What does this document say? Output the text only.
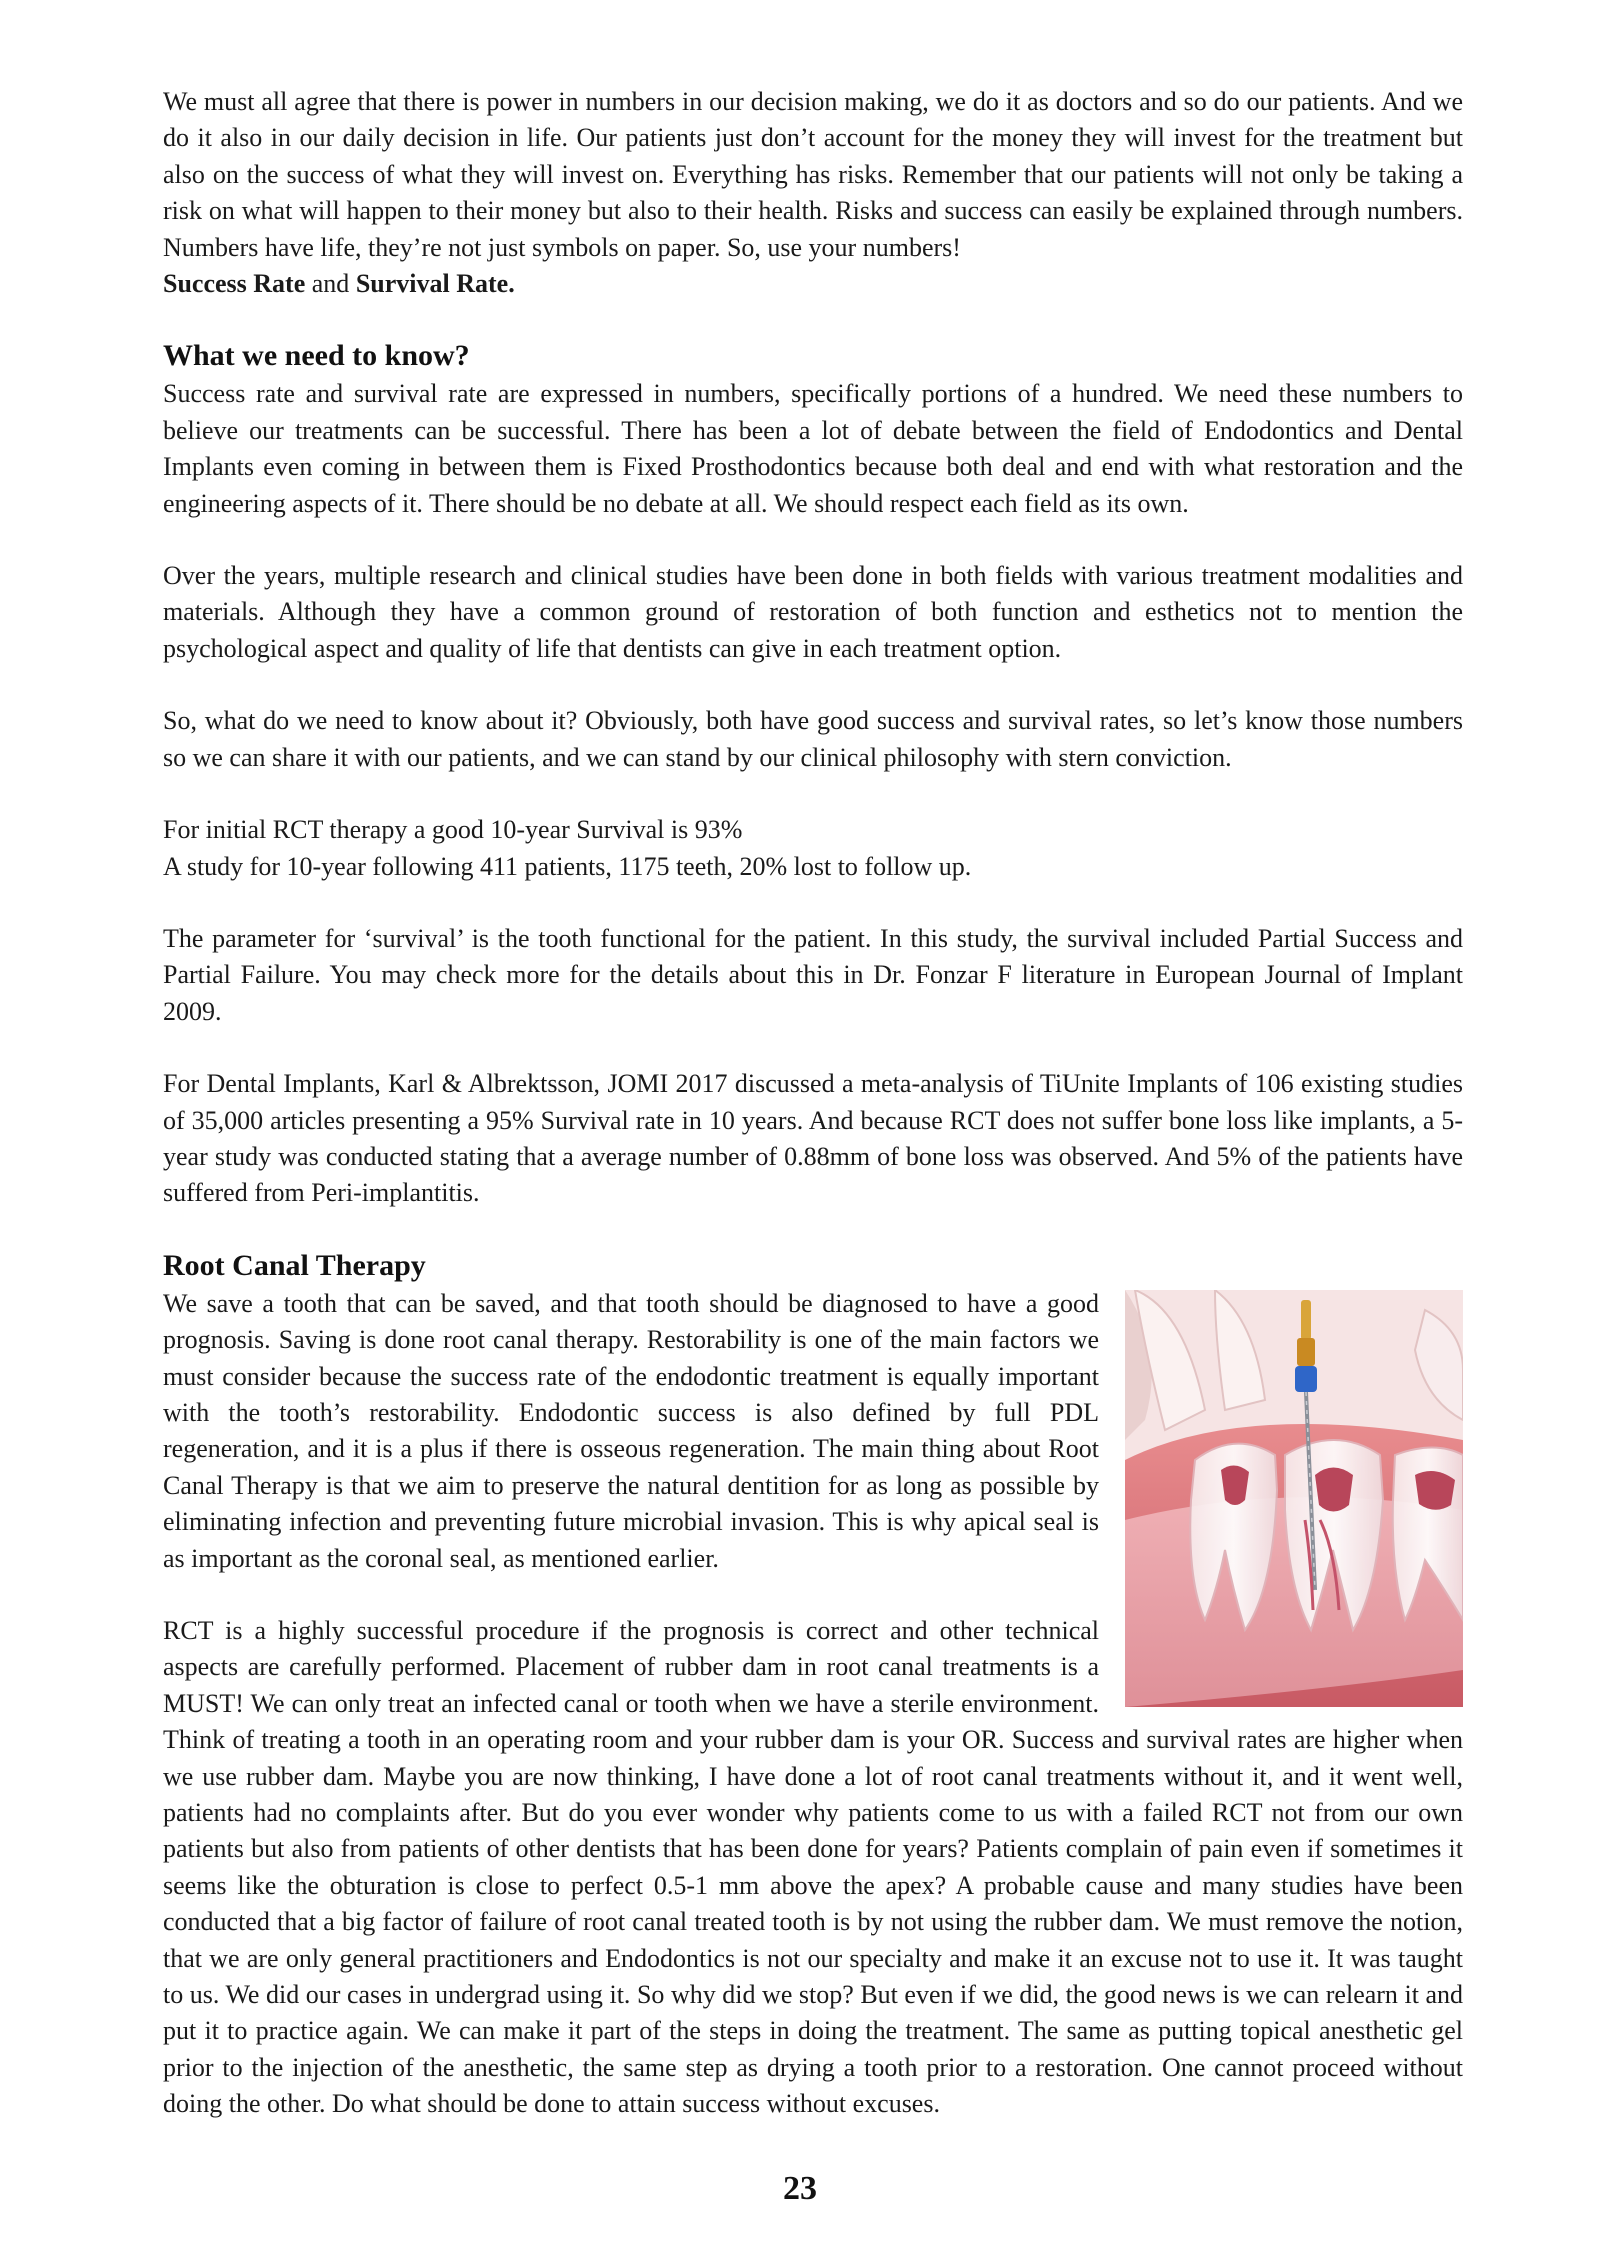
We must all agree that there is power in numbers in our decision making, we do it as doctors and so do our patients. And we do it also in our daily decision in life. Our patients just don’t account for the money they will invest for the treatment but also on the success of what they will invest on. Everything has risks. Remember that our patients will not only be taking a risk on what will happen to their money but also to their health. Risks and success can easily be explained through numbers. Numbers have life, they’re not just symbols on paper. So, use your numbers!
Success Rate and Survival Rate.

What we need to know?

Success rate and survival rate are expressed in numbers, specifically portions of a hundred. We need these numbers to believe our treatments can be successful. There has been a lot of debate between the field of Endodontics and Dental Implants even coming in between them is Fixed Prosthodontics because both deal and end with what restoration and the engineering aspects of it. There should be no debate at all. We should respect each field as its own.

Over the years, multiple research and clinical studies have been done in both fields with various treatment modalities and materials. Although they have a common ground of restoration of both function and esthetics not to mention the psychological aspect and quality of life that dentists can give in each treatment option.

So, what do we need to know about it? Obviously, both have good success and survival rates, so let’s know those numbers so we can share it with our patients, and we can stand by our clinical philosophy with stern conviction.

For initial RCT therapy a good 10-year Survival is 93%
A study for 10-year following 411 patients, 1175 teeth, 20% lost to follow up.

The parameter for ‘survival’ is the tooth functional for the patient. In this study, the survival included Partial Success and Partial Failure. You may check more for the details about this in Dr. Fonzar F literature in European Journal of Implant 2009.

For Dental Implants, Karl & Albrektsson, JOMI 2017 discussed a meta-analysis of TiUnite Implants of 106 existing studies of 35,000 articles presenting a 95% Survival rate in 10 years. And because RCT does not suffer bone loss like implants, a 5-year study was conducted stating that a average number of 0.88mm of bone loss was observed. And 5% of the patients have suffered from Peri-implantitis.

Root Canal Therapy

We save a tooth that can be saved, and that tooth should be diagnosed to have a good prognosis. Saving is done root canal therapy. Restorability is one of the main factors we must consider because the success rate of the endodontic treatment is equally important with the tooth’s restorability. Endodontic success is also defined by full PDL regeneration, and it is a plus if there is osseous regeneration. The main thing about Root Canal Therapy is that we aim to preserve the natural dentition for as long as possible by eliminating infection and preventing future microbial invasion. This is why apical seal is as important as the coronal seal, as mentioned earlier.

RCT is a highly successful procedure if the prognosis is correct and other technical aspects are carefully performed. Placement of rubber dam in root canal treatments is a MUST! We can only treat an infected canal or tooth when we have a sterile environment. Think of treating a tooth in an operating room and your rubber dam is your OR. Success and survival rates are higher when we use rubber dam. Maybe you are now thinking, I have done a lot of root canal treatments without it, and it went well, patients had no complaints after. But do you ever wonder why patients come to us with a failed RCT not from our own patients but also from patients of other dentists that has been done for years? Patients complain of pain even if sometimes it seems like the obturation is close to perfect 0.5-1 mm above the apex? A probable cause and many studies have been conducted that a big factor of failure of root canal treated tooth is by not using the rubber dam. We must remove the notion, that we are only general practitioners and Endodontics is not our specialty and make it an excuse not to use it. It was taught to us. We did our cases in undergrad using it. So why did we stop? But even if we did, the good news is we can relearn it and put it to practice again. We can make it part of the steps in doing the treatment. The same as putting topical anesthetic gel prior to the injection of the anesthetic, the same step as drying a tooth prior to a restoration. One cannot proceed without doing the other. Do what should be done to attain success without excuses.

23
